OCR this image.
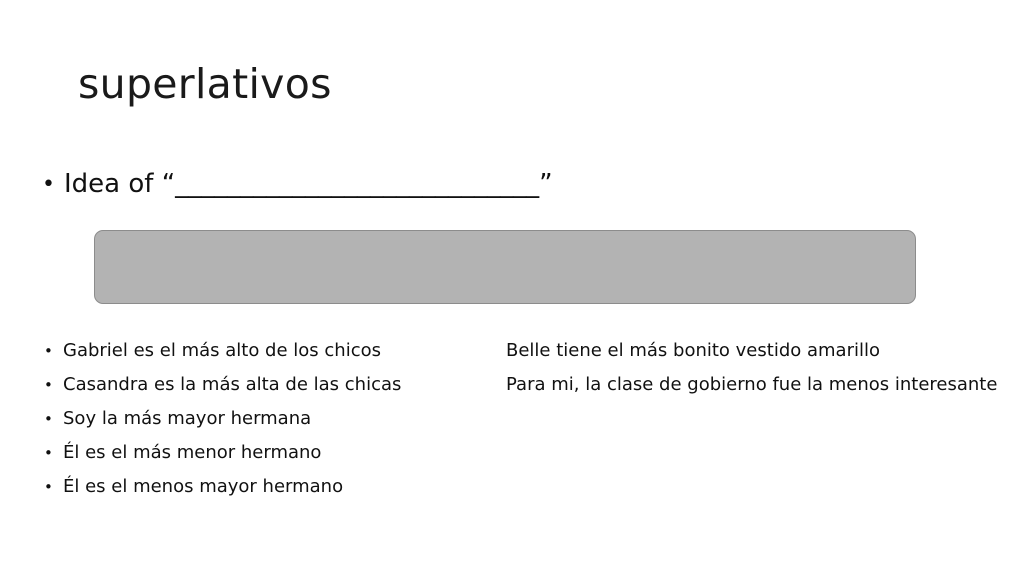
superlativos
• Idea of “____________________________”
• Gabriel es el más alto de los chicos
• Casandra es la más alta de las chicas
• Soy la más mayor hermana
• Él es el más menor hermano
• Él es el menos mayor hermano
Belle tiene el más bonito vestido amarillo
Para mi, la clase de gobierno fue la menos interesante
